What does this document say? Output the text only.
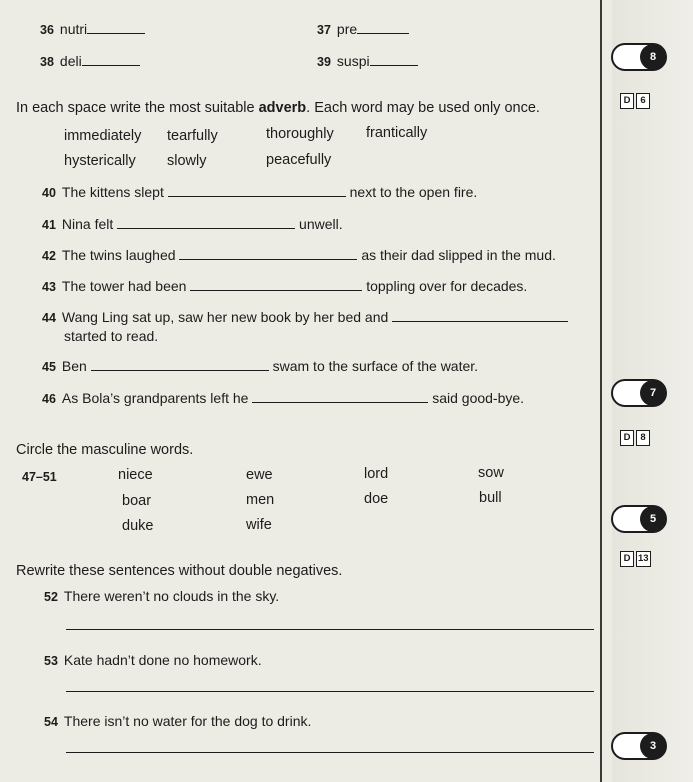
36 nutri	37 pre
38 deli	39 suspi
In each space write the most suitable adverb. Each word may be used only once.
immediately tearfully	thoroughly frantically
hysterically slowly	peacefully
40 The kittens slept	next to the open fire.
41 Nina felt	unwell.
42 The twins laughed	as their dad slipped in the mud.
43 The tower had been	toppling over for decades.
44 Wang Ling sat up, saw her new book by her bed and
started to read.
45 Ben	swam to the surface of the water.
46 As Bola’s grandparents left he	said good-bye.
Circle the masculine words.
47–51	niece	ewe	lord	sow
boar	men	doe	bull
duke	wife
Rewrite these sentences without double negatives.
52 There weren’t no clouds in the sky.
53 Kate hadn’t done no homework.
54 There isn’t no water for the dog to drink.
8
D	6
7
D	8
5
D 13
3
